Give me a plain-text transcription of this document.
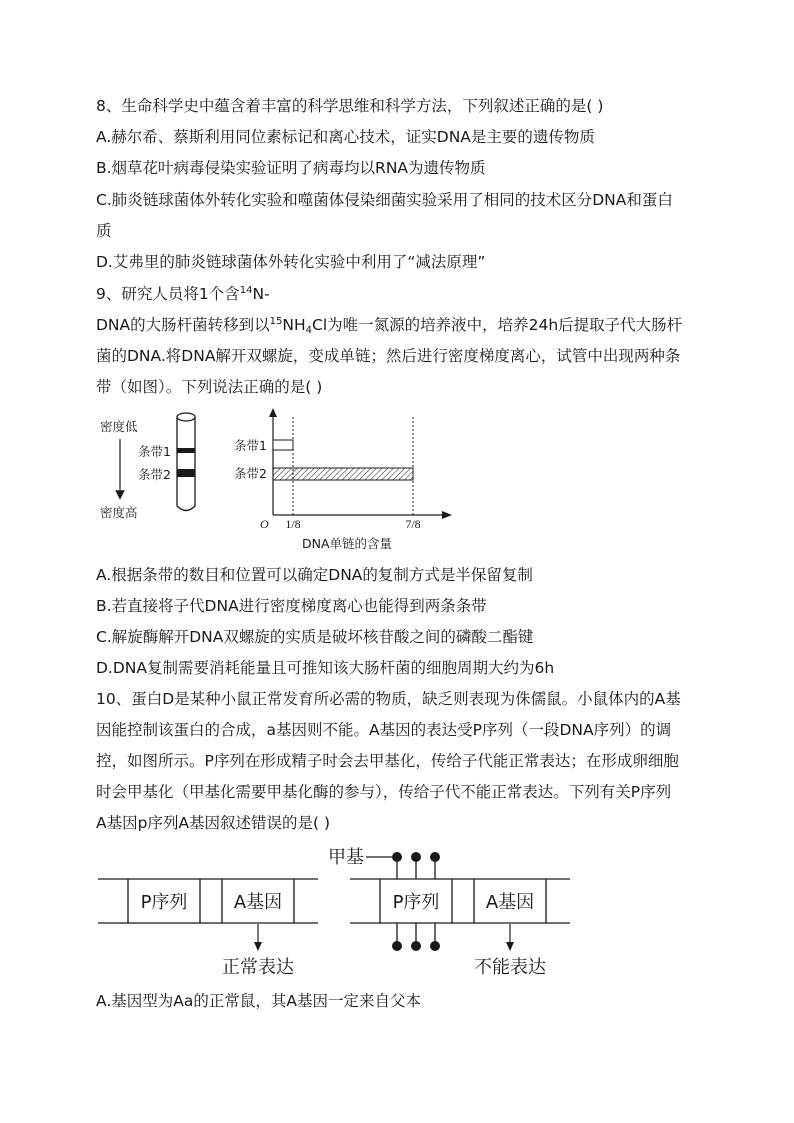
8、生命科学史中蕴含着丰富的科学思维和科学方法，下列叙述正确的是( )
A.赫尔希、蔡斯利用同位素标记和离心技术，证实DNA是主要的遗传物质
B.烟草花叶病毒侵染实验证明了病毒均以RNA为遗传物质
C.肺炎链球菌体外转化实验和噬菌体侵染细菌实验采用了相同的技术区分DNA和蛋白
质
D.艾弗里的肺炎链球菌体外转化实验中利用了“减法原理”
9、研究人员将1个含$^{14}$N-
DNA的大肠杆菌转移到以$^{15}NH_4Cl$为唯一氮源的培养液中，培养24h后提取子代大肠杆
菌的DNA.将DNA解开双螺旋，变成单链；然后进行密度梯度离心，试管中出现两种条
带（如图）。下列说法正确的是( )
密度低
密度高
条带1
条带2
O
条带1
条带2
1/8	7/8
DNA单链的含量
A.根据条带的数目和位置可以确定DNA的复制方式是半保留复制
B.若直接将子代DNA进行密度梯度离心也能得到两条条带
C.解旋酶解开DNA双螺旋的实质是破坏核苷酸之间的磷酸二酯键
D.DNA复制需要消耗能量且可推知该大肠杆菌的细胞周期大约为6h
10、蛋白D是某种小鼠正常发育所必需的物质，缺乏则表现为侏儒鼠。小鼠体内的A基
因能控制该蛋白的合成，a基因则不能。A基因的表达受P序列（一段DNA序列）的调
控，如图所示。P序列在形成精子时会去甲基化，传给子代能正常表达；在形成卵细胞
时会甲基化（甲基化需要甲基化酶的参与），传给子代不能正常表达。下列有关P序列
A基因p序列A基因叙述错误的是( )
P序列	A基因
正常表达
P序列	A基因
不能表达
甲基
A.基因型为Aa的正常鼠，其A基因一定来自父本
